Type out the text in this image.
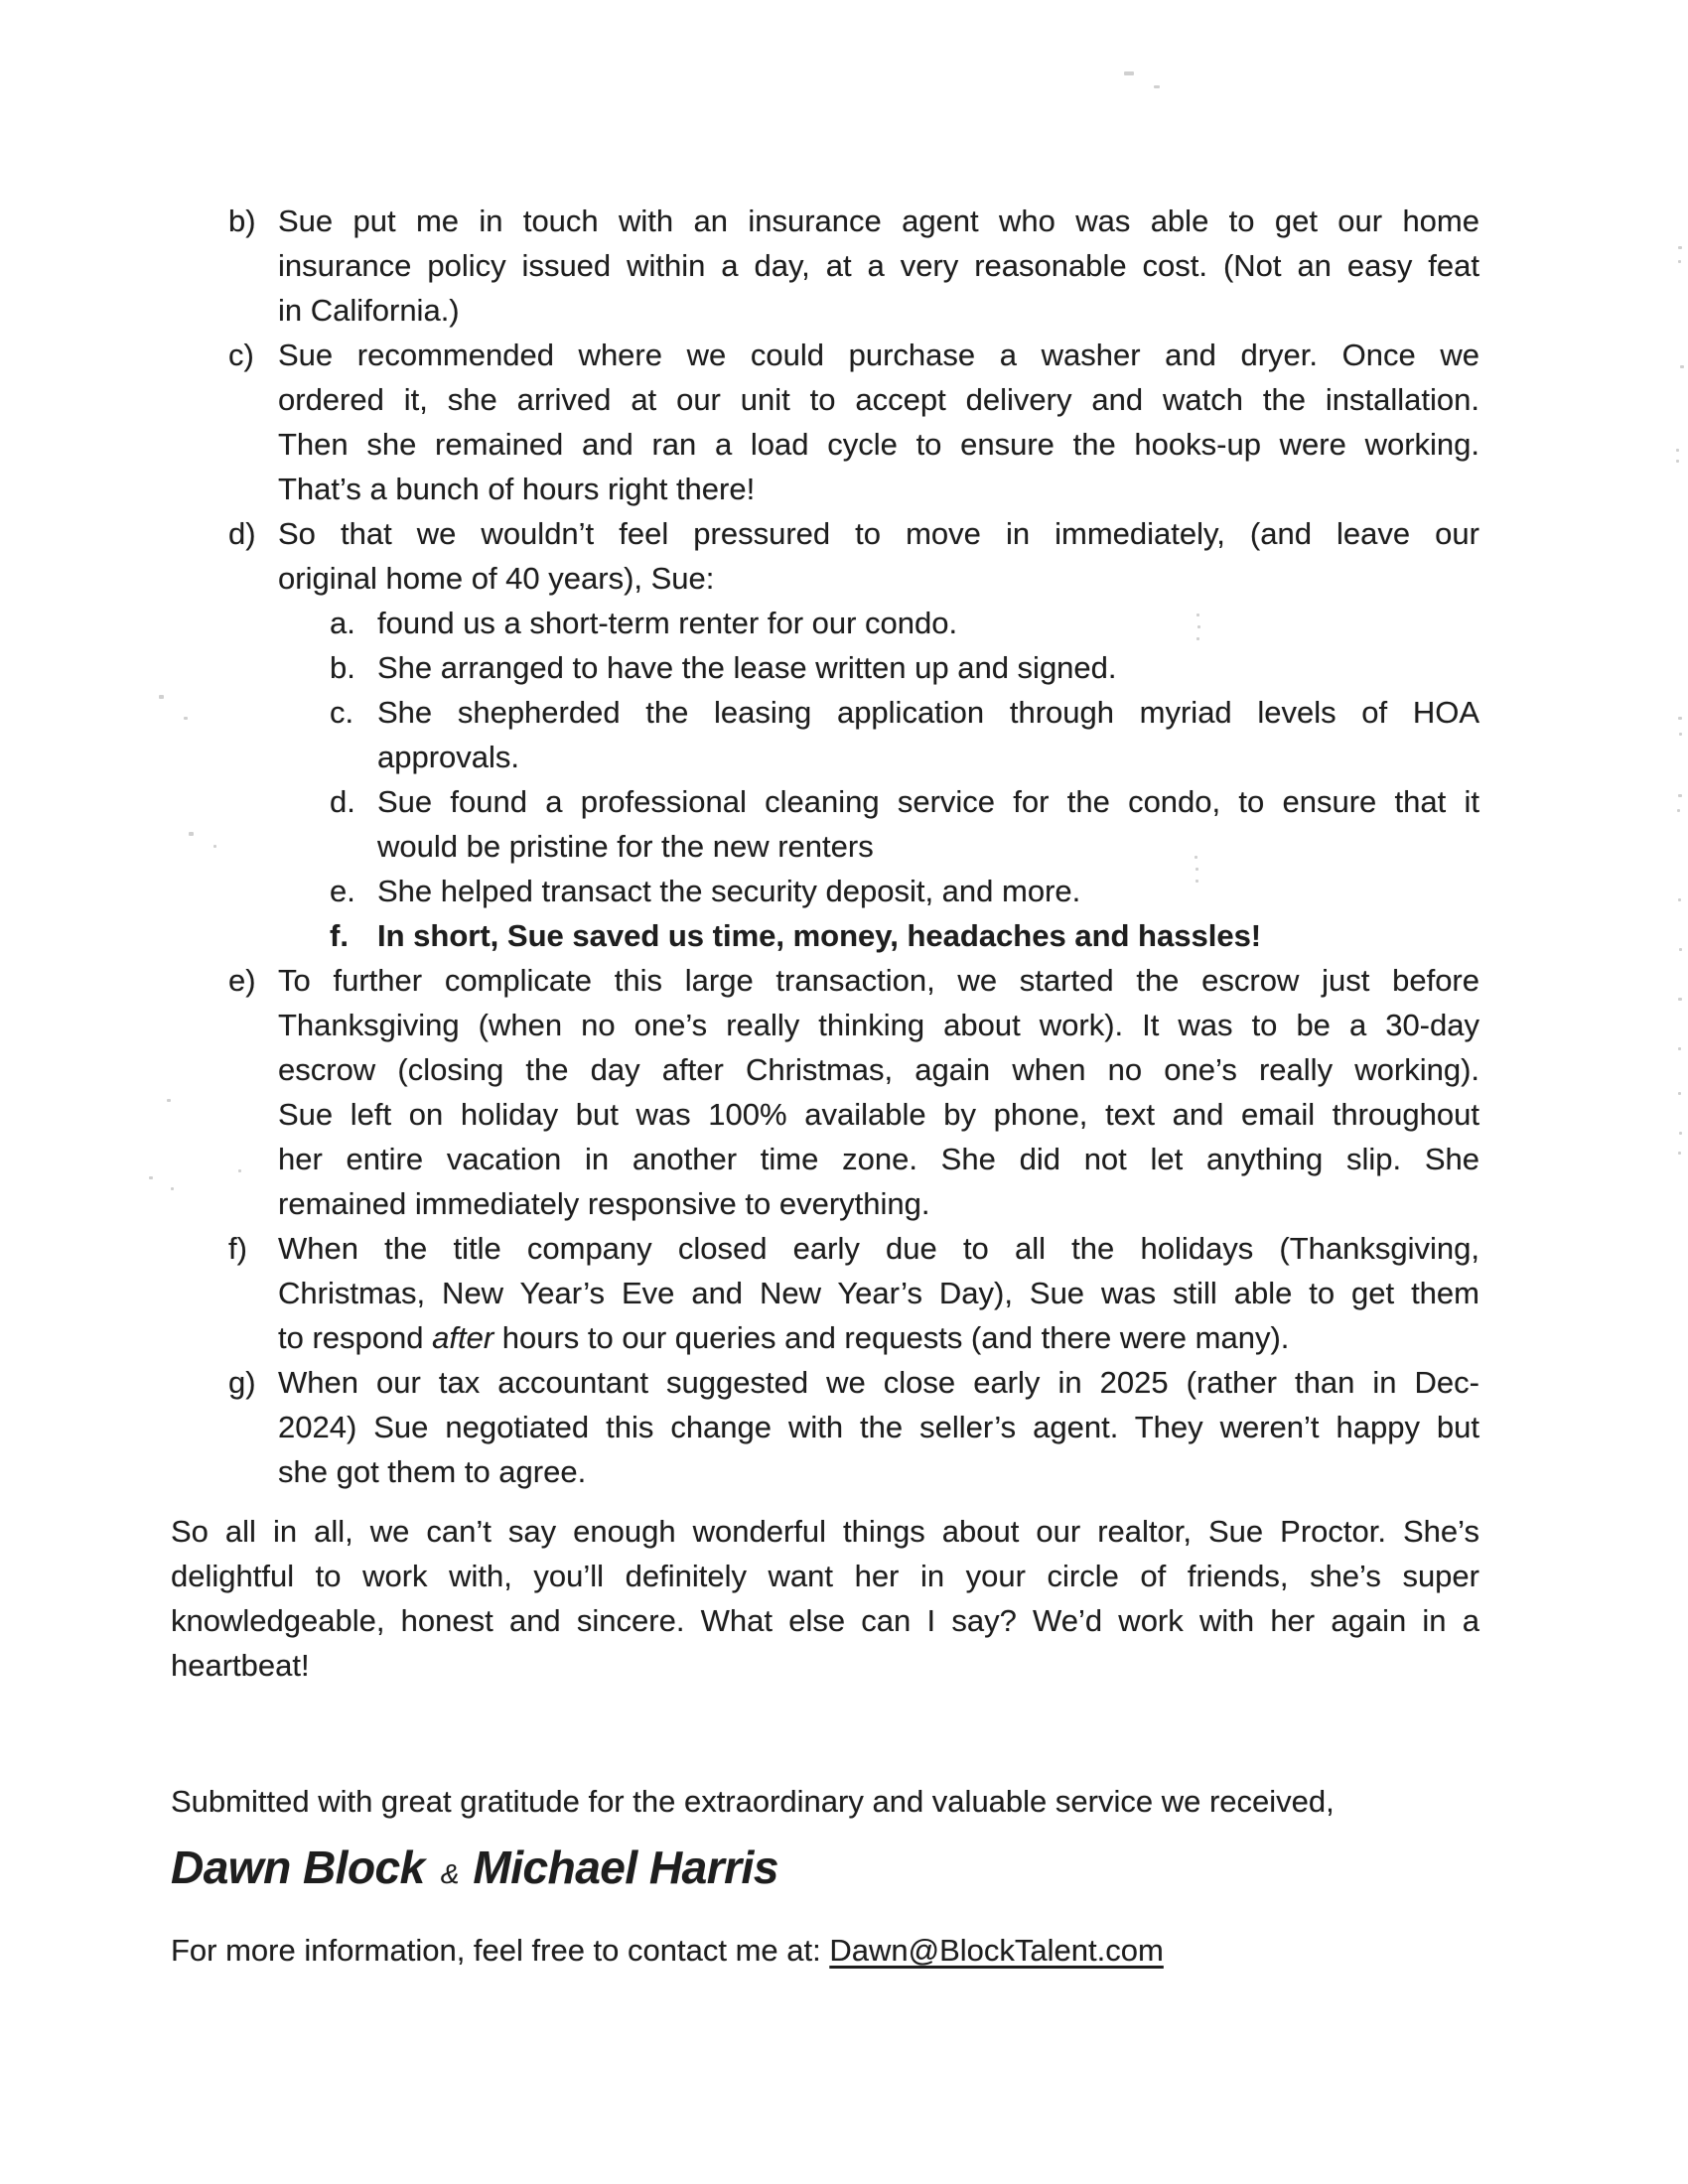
b) Sue put me in touch with an insurance agent who was able to get our home
insurance policy issued within a day, at a very reasonable cost. (Not an easy feat
in California.)
c) Sue recommended where we could purchase a washer and dryer. Once we
ordered it, she arrived at our unit to accept delivery and watch the installation.
Then she remained and ran a load cycle to ensure the hooks-up were working.
That’s a bunch of hours right there!
d) So that we wouldn’t feel pressured to move in immediately, (and leave our
original home of 40 years), Sue:
a. found us a short-term renter for our condo.
b. She arranged to have the lease written up and signed.
c. She shepherded the leasing application through myriad levels of HOA
approvals.
d. Sue found a professional cleaning service for the condo, to ensure that it
would be pristine for the new renters
e. She helped transact the security deposit, and more.
f. In short, Sue saved us time, money, headaches and hassles!
e) To further complicate this large transaction, we started the escrow just before
Thanksgiving (when no one’s really thinking about work). It was to be a 30-day
escrow (closing the day after Christmas, again when no one’s really working).
Sue left on holiday but was 100% available by phone, text and email throughout
her entire vacation in another time zone. She did not let anything slip. She
remained immediately responsive to everything.
f)	When the title company closed early due to all the holidays (Thanksgiving,
Christmas, New Year’s Eve and New Year’s Day), Sue was still able to get them
to respond after hours to our queries and requests (and there were many).
g) When our tax accountant suggested we close early in 2025 (rather than in Dec-
2024) Sue negotiated this change with the seller’s agent. They weren’t happy but
she got them to agree.
So all in all, we can’t say enough wonderful things about our realtor, Sue Proctor. She’s
delightful to work with, you’ll definitely want her in your circle of friends, she’s super
knowledgeable, honest and sincere. What else can I say? We’d work with her again in a
heartbeat!

Submitted with great gratitude for the extraordinary and valuable service we received,

Dawn Block & Michael Harris

For more information, feel free to contact me at: Dawn@BlockTalent.com
